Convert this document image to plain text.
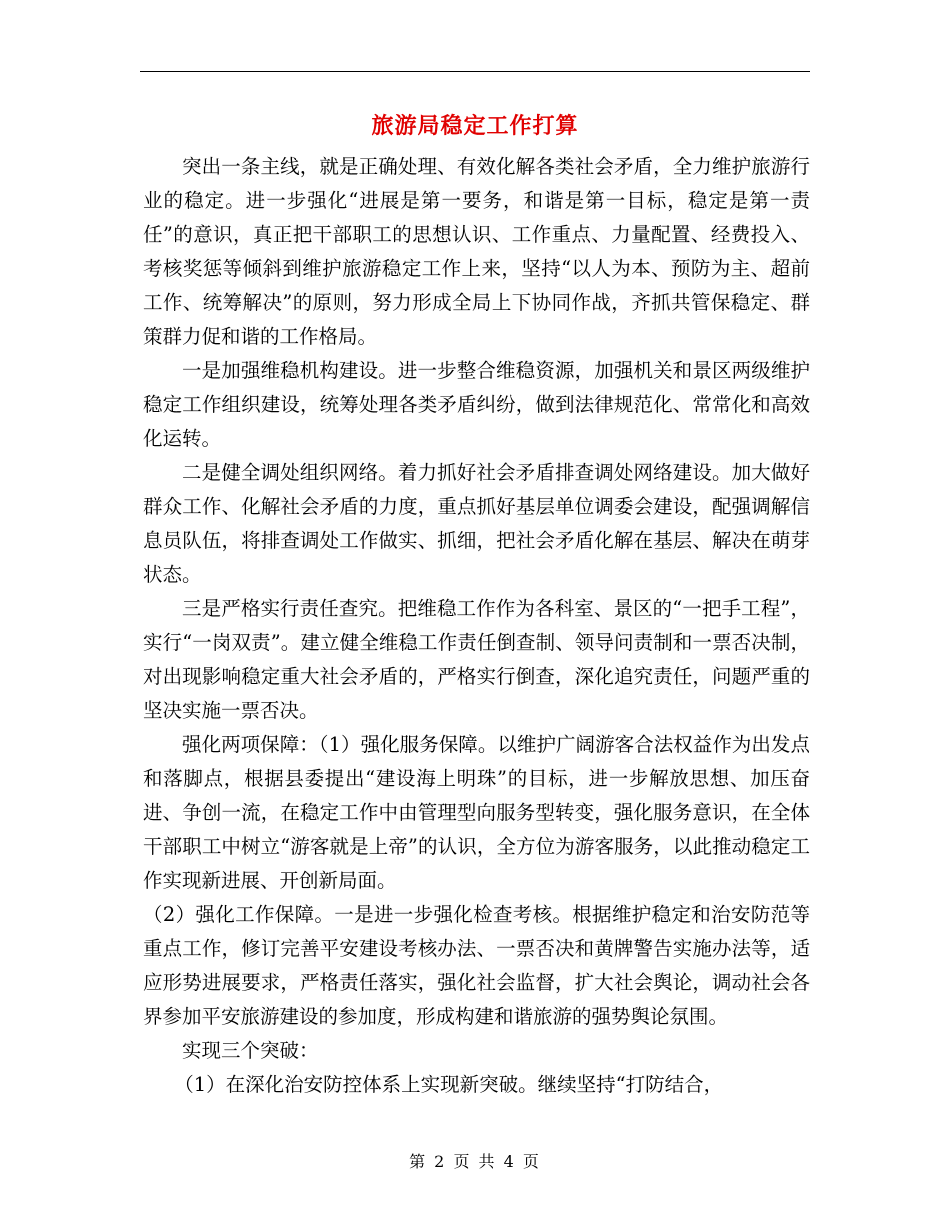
旅游局稳定工作打算

突出一条主线，就是正确处理、有效化解各类社会矛盾，全力维护旅游行业的稳定。进一步强化“进展是第一要务，和谐是第一目标，稳定是第一责任”的意识，真正把干部职工的思想认识、工作重点、力量配置、经费投入、考核奖惩等倾斜到维护旅游稳定工作上来，坚持“以人为本、预防为主、超前工作、统筹解决”的原则，努力形成全局上下协同作战，齐抓共管保稳定、群策群力促和谐的工作格局。

一是加强维稳机构建设。进一步整合维稳资源，加强机关和景区两级维护稳定工作组织建设，统筹处理各类矛盾纠纷，做到法律规范化、常常化和高效化运转。

二是健全调处组织网络。着力抓好社会矛盾排查调处网络建设。加大做好群众工作、化解社会矛盾的力度，重点抓好基层单位调委会建设，配强调解信息员队伍，将排查调处工作做实、抓细，把社会矛盾化解在基层、解决在萌芽状态。

三是严格实行责任查究。把维稳工作作为各科室、景区的“一把手工程”，实行“一岗双责”。建立健全维稳工作责任倒查制、领导问责制和一票否决制，对出现影响稳定重大社会矛盾的，严格实行倒查，深化追究责任，问题严重的坚决实施一票否决。

强化两项保障：（1）强化服务保障。以维护广阔游客合法权益作为出发点和落脚点，根据县委提出“建设海上明珠”的目标，进一步解放思想、加压奋进、争创一流，在稳定工作中由管理型向服务型转变，强化服务意识，在全体干部职工中树立“游客就是上帝”的认识，全方位为游客服务，以此推动稳定工作实现新进展、开创新局面。

（2）强化工作保障。一是进一步强化检查考核。根据维护稳定和治安防范等重点工作，修订完善平安建设考核办法、一票否决和黄牌警告实施办法等，适应形势进展要求，严格责任落实，强化社会监督，扩大社会舆论，调动社会各界参加平安旅游建设的参加度，形成构建和谐旅游的强势舆论氛围。

实现三个突破：

（1）在深化治安防控体系上实现新突破。继续坚持“打防结合，

第 2 页 共 4 页
